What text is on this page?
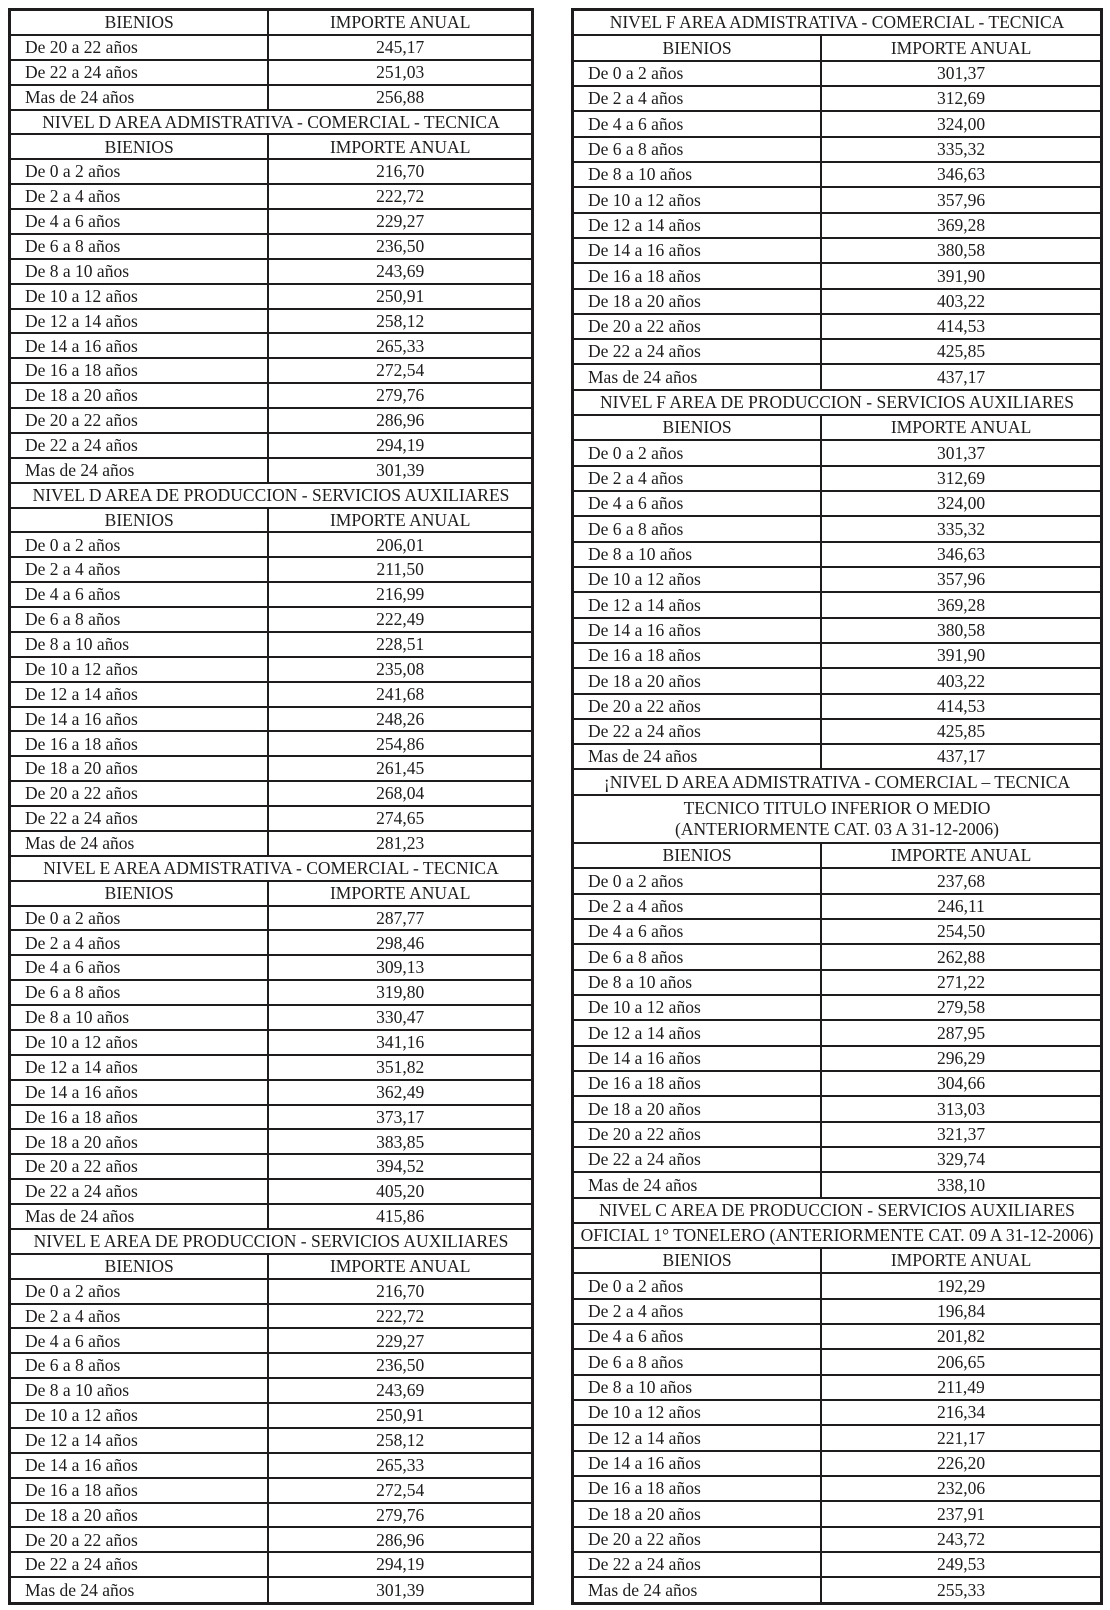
BIENIOS	IMPORTE ANUAL
De 20 a 22 años	245,17
De 22 a 24 años	251,03
Mas de 24 años	256,88
NIVEL D AREA ADMISTRATIVA - COMERCIAL - TECNICA	
BIENIOS	IMPORTE ANUAL
De 0 a 2 años	216,70
De 2 a 4 años	222,72
De 4 a 6 años	229,27
De 6 a 8 años	236,50
De 8 a 10 años	243,69
De 10 a 12 años	250,91
De 12 a 14 años	258,12
De 14 a 16 años	265,33
De 16 a 18 años	272,54
De 18 a 20 años	279,76
De 20 a 22 años	286,96
De 22 a 24 años	294,19
Mas de 24 años	301,39
NIVEL D AREA DE PRODUCCION - SERVICIOS AUXILIARES	
BIENIOS	IMPORTE ANUAL
De 0 a 2 años	206,01
De 2 a 4 años	211,50
De 4 a 6 años	216,99
De 6 a 8 años	222,49
De 8 a 10 años	228,51
De 10 a 12 años	235,08
De 12 a 14 años	241,68
De 14 a 16 años	248,26
De 16 a 18 años	254,86
De 18 a 20 años	261,45
De 20 a 22 años	268,04
De 22 a 24 años	274,65
Mas de 24 años	281,23
NIVEL E AREA ADMISTRATIVA - COMERCIAL - TECNICA	
BIENIOS	IMPORTE ANUAL
De 0 a 2 años	287,77
De 2 a 4 años	298,46
De 4 a 6 años	309,13
De 6 a 8 años	319,80
De 8 a 10 años	330,47
De 10 a 12 años	341,16
De 12 a 14 años	351,82
De 14 a 16 años	362,49
De 16 a 18 años	373,17
De 18 a 20 años	383,85
De 20 a 22 años	394,52
De 22 a 24 años	405,20
Mas de 24 años	415,86
NIVEL E AREA DE PRODUCCION - SERVICIOS AUXILIARES	
BIENIOS	IMPORTE ANUAL
De 0 a 2 años	216,70
De 2 a 4 años	222,72
De 4 a 6 años	229,27
De 6 a 8 años	236,50
De 8 a 10 años	243,69
De 10 a 12 años	250,91
De 12 a 14 años	258,12
De 14 a 16 años	265,33
De 16 a 18 años	272,54
De 18 a 20 años	279,76
De 20 a 22 años	286,96
De 22 a 24 años	294,19
Mas de 24 años	301,39
NIVEL F AREA ADMISTRATIVA - COMERCIAL - TECNICA	
BIENIOS	IMPORTE ANUAL
De 0 a 2 años	301,37
De 2 a 4 años	312,69
De 4 a 6 años	324,00
De 6 a 8 años	335,32
De 8 a 10 años	346,63
De 10 a 12 años	357,96
De 12 a 14 años	369,28
De 14 a 16 años	380,58
De 16 a 18 años	391,90
De 18 a 20 años	403,22
De 20 a 22 años	414,53
De 22 a 24 años	425,85
Mas de 24 años	437,17
NIVEL F AREA DE PRODUCCION - SERVICIOS AUXILIARES	
BIENIOS	IMPORTE ANUAL
De 0 a 2 años	301,37
De 2 a 4 años	312,69
De 4 a 6 años	324,00
De 6 a 8 años	335,32
De 8 a 10 años	346,63
De 10 a 12 años	357,96
De 12 a 14 años	369,28
De 14 a 16 años	380,58
De 16 a 18 años	391,90
De 18 a 20 años	403,22
De 20 a 22 años	414,53
De 22 a 24 años	425,85
Mas de 24 años	437,17
¡NIVEL D AREA ADMISTRATIVA - COMERCIAL – TECNICA	

TECNICO TITULO INFERIOR O MEDIO
(ANTERIORMENTE CAT. 03 A 31-12-2006)	

BIENIOS	IMPORTE ANUAL
De 0 a 2 años	237,68
De 2 a 4 años	246,11
De 4 a 6 años	254,50
De 6 a 8 años	262,88
De 8 a 10 años	271,22
De 10 a 12 años	279,58
De 12 a 14 años	287,95
De 14 a 16 años	296,29
De 16 a 18 años	304,66
De 18 a 20 años	313,03
De 20 a 22 años	321,37
De 22 a 24 años	329,74
Mas de 24 años	338,10
NIVEL C AREA DE PRODUCCION - SERVICIOS AUXILIARES	

OFICIAL 1° TONELERO (ANTERIORMENTE CAT. 09 A 31-12-2006)	

BIENIOS	IMPORTE ANUAL
De 0 a 2 años	192,29
De 2 a 4 años	196,84
De 4 a 6 años	201,82
De 6 a 8 años	206,65
De 8 a 10 años	211,49
De 10 a 12 años	216,34
De 12 a 14 años	221,17
De 14 a 16 años	226,20
De 16 a 18 años	232,06
De 18 a 20 años	237,91
De 20 a 22 años	243,72
De 22 a 24 años	249,53
Mas de 24 años	255,33
